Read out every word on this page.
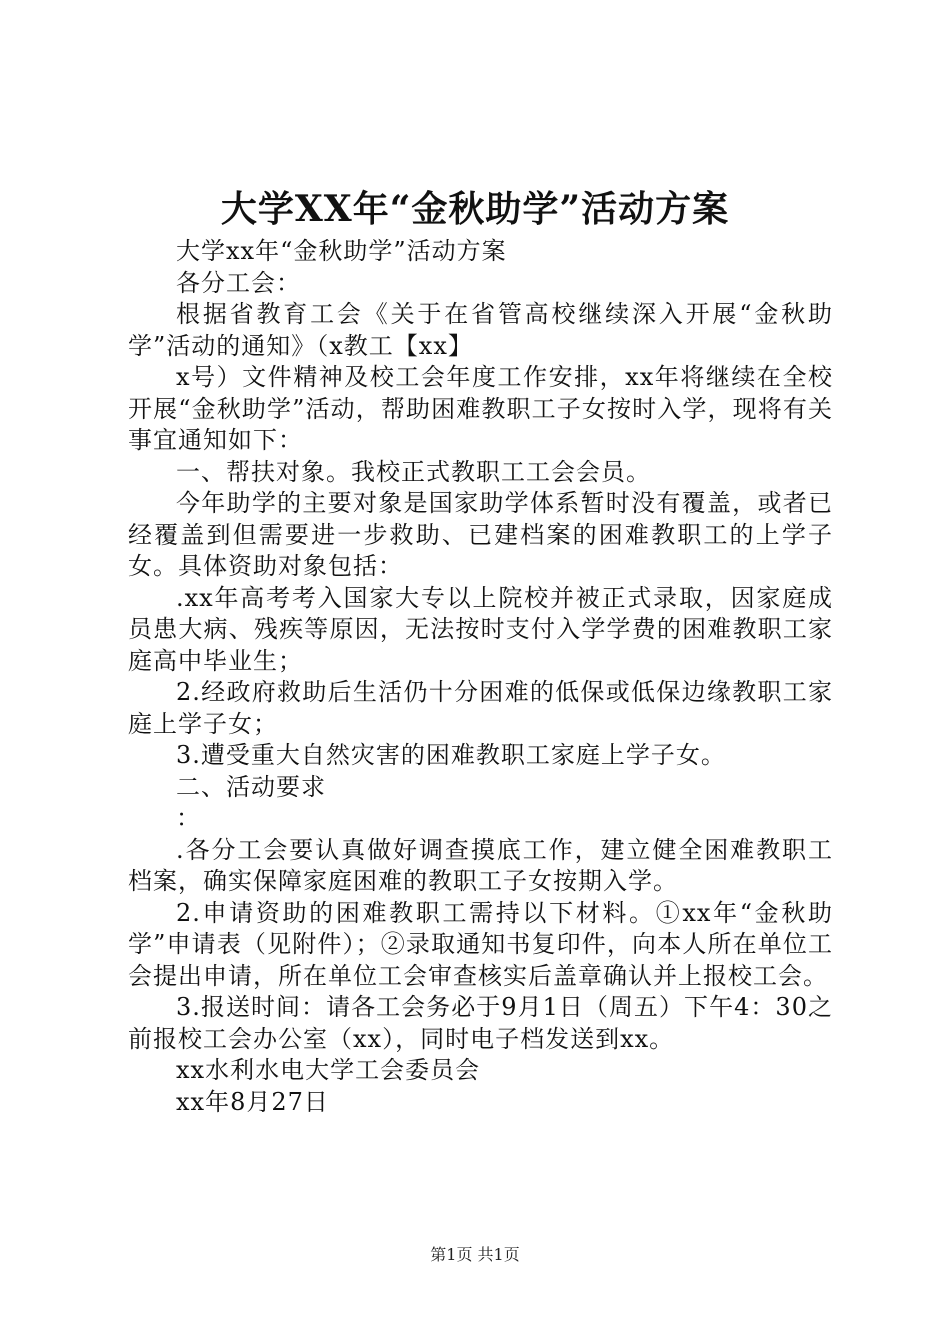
大学XX年“金秋助学”活动方案

大学xx年“金秋助学”活动方案

各分工会：

根据省教育工会《关于在省管高校继续深入开展“金秋助学”活动的通知》（x教工【xx】

x号）文件精神及校工会年度工作安排，xx年将继续在全校开展“金秋助学”活动，帮助困难教职工子女按时入学，现将有关事宜通知如下：

一、帮扶对象。我校正式教职工工会会员。

今年助学的主要对象是国家助学体系暂时没有覆盖，或者已经覆盖到但需要进一步救助、已建档案的困难教职工的上学子女。具体资助对象包括：

.xx年高考考入国家大专以上院校并被正式录取，因家庭成员患大病、残疾等原因，无法按时支付入学学费的困难教职工家庭高中毕业生；

2.经政府救助后生活仍十分困难的低保或低保边缘教职工家庭上学子女；

3.遭受重大自然灾害的困难教职工家庭上学子女。

二、活动要求

：

.各分工会要认真做好调查摸底工作，建立健全困难教职工档案，确实保障家庭困难的教职工子女按期入学。

2.申请资助的困难教职工需持以下材料。①xx年“金秋助学”申请表（见附件）；②录取通知书复印件，向本人所在单位工会提出申请，所在单位工会审查核实后盖章确认并上报校工会。

3.报送时间：请各工会务必于9月1日（周五）下午4：30之前报校工会办公室（xx），同时电子档发送到xx。

xx水利水电大学工会委员会

xx年8月27日

第1页 共1页
